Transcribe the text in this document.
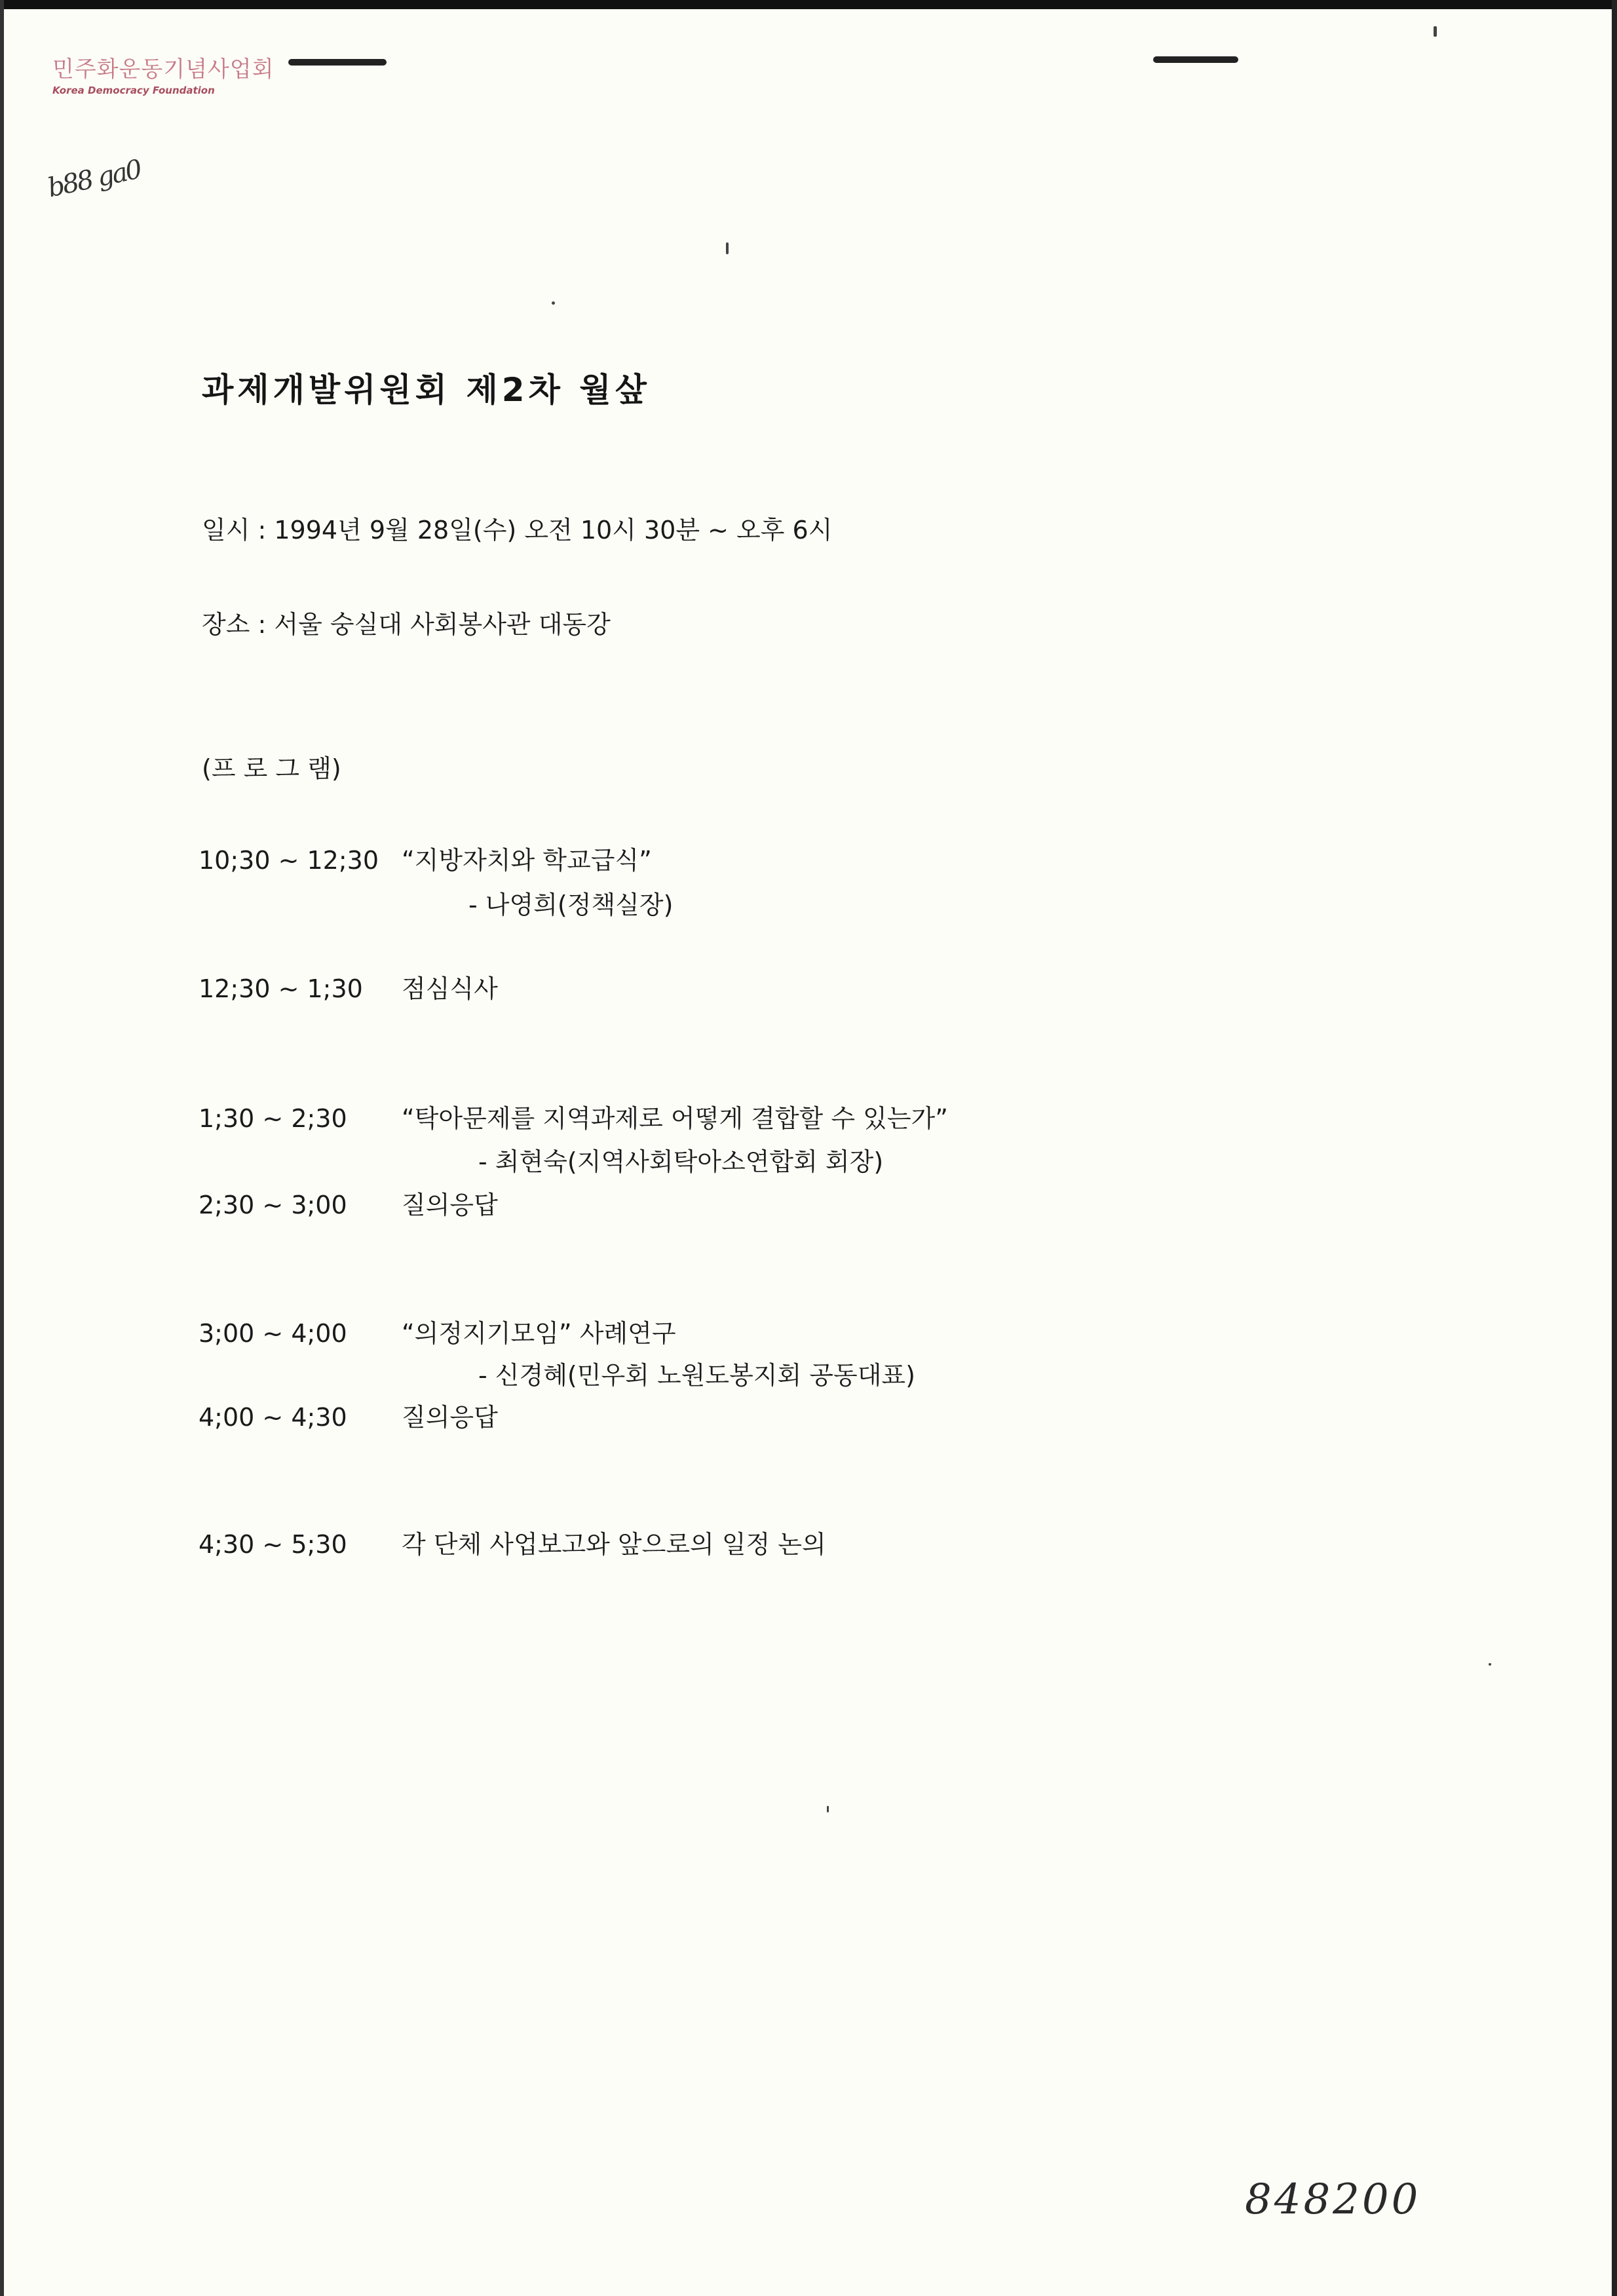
민주화운동기념사업회
Korea Democracy Foundation
b88 ga0
과제개발위원회 제2차 월샆
일시 : 1994년 9월 28일(수) 오전 10시 30분 ~ 오후 6시
장소 : 서울 숭실대 사회봉사관 대동강
(프 로 그 램)
10;30 ~ 12;30 “지방자치와 학교급식”
- 나영희(정책실장)
12;30 ~ 1;30 점심식사
1;30 ~ 2;30 “탁아문제를 지역과제로 어떻게 결합할 수 있는가”
- 최현숙(지역사회탁아소연합회 회장)
2;30 ~ 3;00 질의응답
3;00 ~ 4;00 “의정지기모임” 사례연구
- 신경혜(민우회 노원도봉지회 공동대표)
4;00 ~ 4;30 질의응답
4;30 ~ 5;30 각 단체 사업보고와 앞으로의 일정 논의
848200
